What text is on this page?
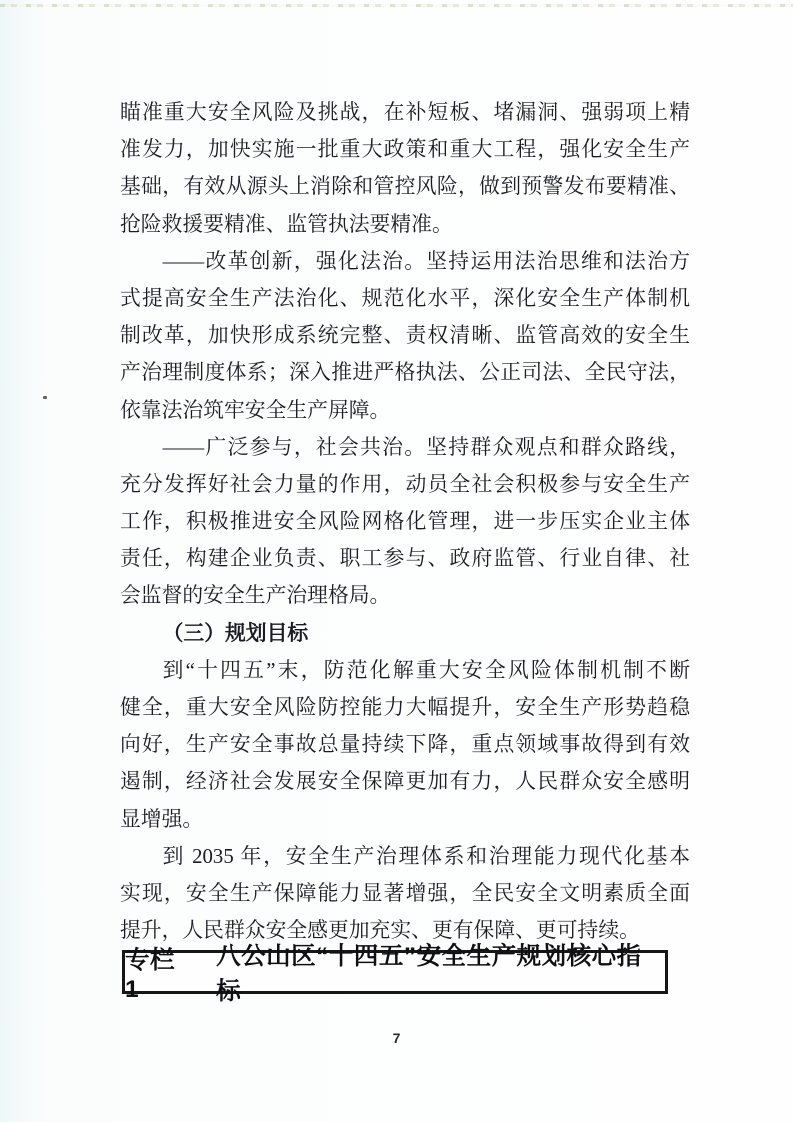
瞄准重大安全风险及挑战，在补短板、堵漏洞、强弱项上精
准发力，加快实施一批重大政策和重大工程，强化安全生产
基础，有效从源头上消除和管控风险，做到预警发布要精准、
抢险救援要精准、监管执法要精准。
——改革创新，强化法治。坚持运用法治思维和法治方
式提高安全生产法治化、规范化水平，深化安全生产体制机
制改革，加快形成系统完整、责权清晰、监管高效的安全生
产治理制度体系；深入推进严格执法、公正司法、全民守法，
依靠法治筑牢安全生产屏障。
——广泛参与，社会共治。坚持群众观点和群众路线，
充分发挥好社会力量的作用，动员全社会积极参与安全生产
工作，积极推进安全风险网格化管理，进一步压实企业主体
责任，构建企业负责、职工参与、政府监管、行业自律、社
会监督的安全生产治理格局。
（三）规划目标
到“十四五”末，防范化解重大安全风险体制机制不断
健全，重大安全风险防控能力大幅提升，安全生产形势趋稳
向好，生产安全事故总量持续下降，重点领域事故得到有效
遏制，经济社会发展安全保障更加有力，人民群众安全感明
显增强。
到 2035 年，安全生产治理体系和治理能力现代化基本
实现，安全生产保障能力显著增强，全民安全文明素质全面
提升，人民群众安全感更加充实、更有保障、更可持续。
专栏 1
八公山区“十四五”安全生产规划核心指标
7
